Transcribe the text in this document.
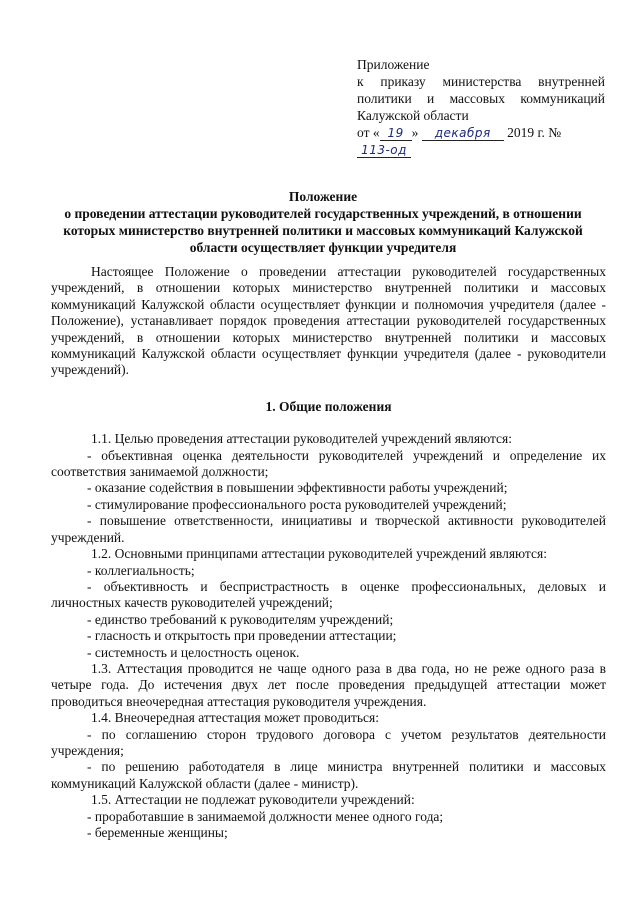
Приложение
к приказу министерства внутренней
политики и массовых коммуникаций
Калужской области
от « 19 » декабря 2019 г. № 113-од
Положение
о проведении аттестации руководителей государственных учреждений, в отношении которых министерство внутренней политики и массовых коммуникаций Калужской области осуществляет функции учредителя

Настоящее Положение о проведении аттестации руководителей государственных учреждений, в отношении которых министерство внутренней политики и массовых коммуникаций Калужской области осуществляет функции и полномочия учредителя (далее - Положение), устанавливает порядок проведения аттестации руководителей государственных учреждений, в отношении которых министерство внутренней политики и массовых коммуникаций Калужской области осуществляет функции учредителя (далее - руководители учреждений).

1. Общие положения

1.1. Целью проведения аттестации руководителей учреждений являются:

- объективная оценка деятельности руководителей учреждений и определение их соответствия занимаемой должности;

- оказание содействия в повышении эффективности работы учреждений;

- стимулирование профессионального роста руководителей учреждений;

- повышение ответственности, инициативы и творческой активности руководителей учреждений.

1.2. Основными принципами аттестации руководителей учреждений являются:

- коллегиальность;

- объективность и беспристрастность в оценке профессиональных, деловых и личностных качеств руководителей учреждений;

- единство требований к руководителям учреждений;

- гласность и открытость при проведении аттестации;

- системность и целостность оценок.

1.3. Аттестация проводится не чаще одного раза в два года, но не реже одного раза в четыре года. До истечения двух лет после проведения предыдущей аттестации может проводиться внеочередная аттестация руководителя учреждения.

1.4. Внеочередная аттестация может проводиться:

- по соглашению сторон трудового договора с учетом результатов деятельности учреждения;

- по решению работодателя в лице министра внутренней политики и массовых коммуникаций Калужской области (далее - министр).

1.5. Аттестации не подлежат руководители учреждений:

- проработавшие в занимаемой должности менее одного года;

- беременные женщины;
